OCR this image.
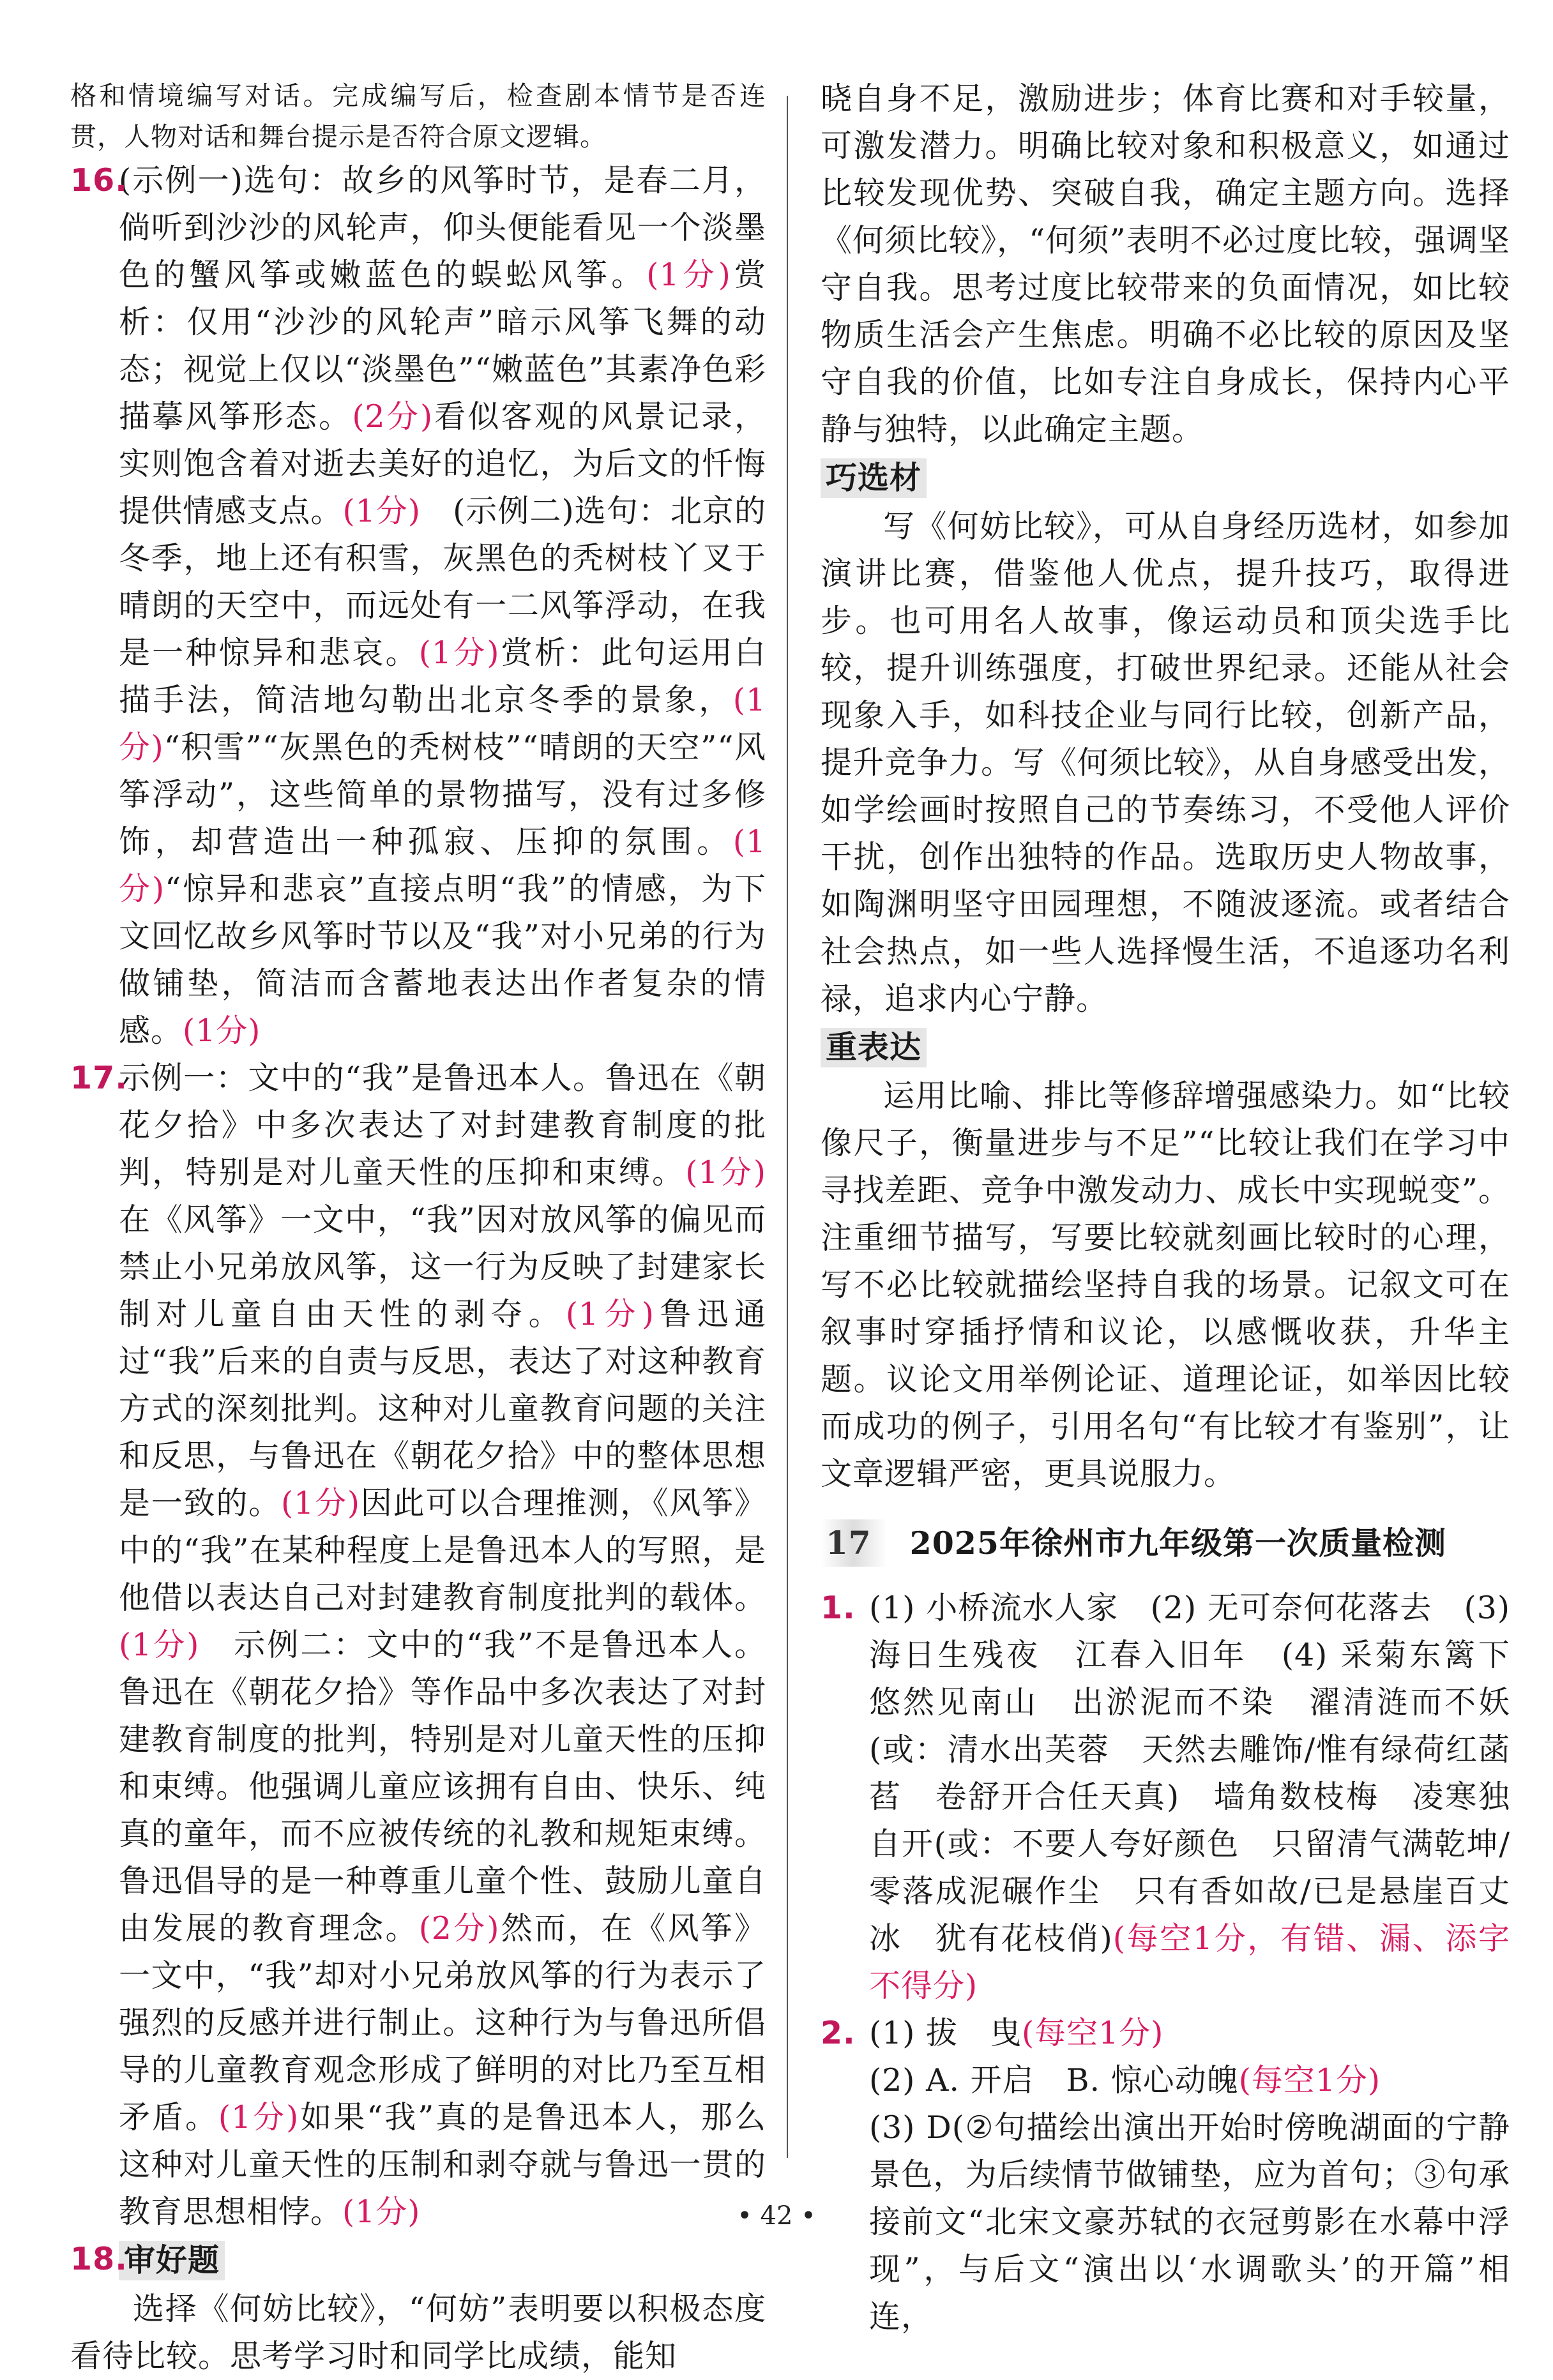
格和情境编写对话。完成编写后，检查剧本情节是否连贯，人物对话和舞台提示是否符合原文逻辑。
16.
(示例一)选句：故乡的风筝时节，是春二月，倘听到沙沙的风轮声，仰头便能看见一个淡墨色的蟹风筝或嫩蓝色的蜈蚣风筝。(1分)赏析：仅用“沙沙的风轮声”暗示风筝飞舞的动态；视觉上仅以“淡墨色”“嫩蓝色”其素净色彩描摹风筝形态。(2分)看似客观的风景记录，实则饱含着对逝去美好的追忆，为后文的忏悔提供情感支点。(1分)　(示例二)选句：北京的冬季，地上还有积雪，灰黑色的秃树枝丫叉于晴朗的天空中，而远处有一二风筝浮动，在我是一种惊异和悲哀。(1分)赏析：此句运用白描手法，简洁地勾勒出北京冬季的景象，(1分)“积雪”“灰黑色的秃树枝”“晴朗的天空”“风筝浮动”，这些简单的景物描写，没有过多修饰，却营造出一种孤寂、压抑的氛围。(1分)“惊异和悲哀”直接点明“我”的情感，为下文回忆故乡风筝时节以及“我”对小兄弟的行为做铺垫，简洁而含蓄地表达出作者复杂的情感。(1分)
17.
示例一：文中的“我”是鲁迅本人。鲁迅在《朝花夕拾》中多次表达了对封建教育制度的批判，特别是对儿童天性的压抑和束缚。(1分)在《风筝》一文中，“我”因对放风筝的偏见而禁止小兄弟放风筝，这一行为反映了封建家长制对儿童自由天性的剥夺。(1分)鲁迅通过“我”后来的自责与反思，表达了对这种教育方式的深刻批判。这种对儿童教育问题的关注和反思，与鲁迅在《朝花夕拾》中的整体思想是一致的。(1分)因此可以合理推测，《风筝》中的“我”在某种程度上是鲁迅本人的写照，是他借以表达自己对封建教育制度批判的载体。(1分)　示例二：文中的“我”不是鲁迅本人。鲁迅在《朝花夕拾》等作品中多次表达了对封建教育制度的批判，特别是对儿童天性的压抑和束缚。他强调儿童应该拥有自由、快乐、纯真的童年，而不应被传统的礼教和规矩束缚。鲁迅倡导的是一种尊重儿童个性、鼓励儿童自由发展的教育理念。(2分)然而，在《风筝》一文中，“我”却对小兄弟放风筝的行为表示了强烈的反感并进行制止。这种行为与鲁迅所倡导的儿童教育观念形成了鲜明的对比乃至互相矛盾。(1分)如果“我”真的是鲁迅本人，那么这种对儿童天性的压制和剥夺就与鲁迅一贯的教育思想相悖。(1分)
18.
审好题
选择《何妨比较》，“何妨”表明要以积极态度看待比较。思考学习时和同学比成绩，能知
晓自身不足，激励进步；体育比赛和对手较量，可激发潜力。明确比较对象和积极意义，如通过比较发现优势、突破自我，确定主题方向。选择《何须比较》，“何须”表明不必过度比较，强调坚守自我。思考过度比较带来的负面情况，如比较物质生活会产生焦虑。明确不必比较的原因及坚守自我的价值，比如专注自身成长，保持内心平静与独特，以此确定主题。
巧选材
写《何妨比较》，可从自身经历选材，如参加演讲比赛，借鉴他人优点，提升技巧，取得进步。也可用名人故事，像运动员和顶尖选手比较，提升训练强度，打破世界纪录。还能从社会现象入手，如科技企业与同行比较，创新产品，提升竞争力。写《何须比较》，从自身感受出发，如学绘画时按照自己的节奏练习，不受他人评价干扰，创作出独特的作品。选取历史人物故事，如陶渊明坚守田园理想，不随波逐流。或者结合社会热点，如一些人选择慢生活，不追逐功名利禄，追求内心宁静。
重表达
运用比喻、排比等修辞增强感染力。如“比较像尺子，衡量进步与不足”“比较让我们在学习中寻找差距、竞争中激发动力、成长中实现蜕变”。注重细节描写，写要比较就刻画比较时的心理，写不必比较就描绘坚持自我的场景。记叙文可在叙事时穿插抒情和议论，以感慨收获，升华主题。议论文用举例论证、道理论证，如举因比较而成功的例子，引用名句“有比较才有鉴别”，让文章逻辑严密，更具说服力。
17	2025年徐州市九年级第一次质量检测
1. (1) 小桥流水人家　(2) 无可奈何花落去　(3) 海日生残夜　江春入旧年　(4) 采菊东篱下　悠然见南山　出淤泥而不染　濯清涟而不妖(或：清水出芙蓉　天然去雕饰/惟有绿荷红菡萏　卷舒开合任天真)　墙角数枝梅　凌寒独自开(或：不要人夸好颜色　只留清气满乾坤/零落成泥碾作尘　只有香如故/已是悬崖百丈冰　犹有花枝俏)(每空1分，有错、漏、添字不得分)
2. (1) 拔　曳(每空1分)
(2) A. 开启　B. 惊心动魄(每空1分)
(3) D(②句描绘出演出开始时傍晚湖面的宁静景色，为后续情节做铺垫，应为首句；③句承接前文“北宋文豪苏轼的衣冠剪影在水幕中浮现”，与后文“演出以‘水调歌头’的开篇”相连，
• 42 •
